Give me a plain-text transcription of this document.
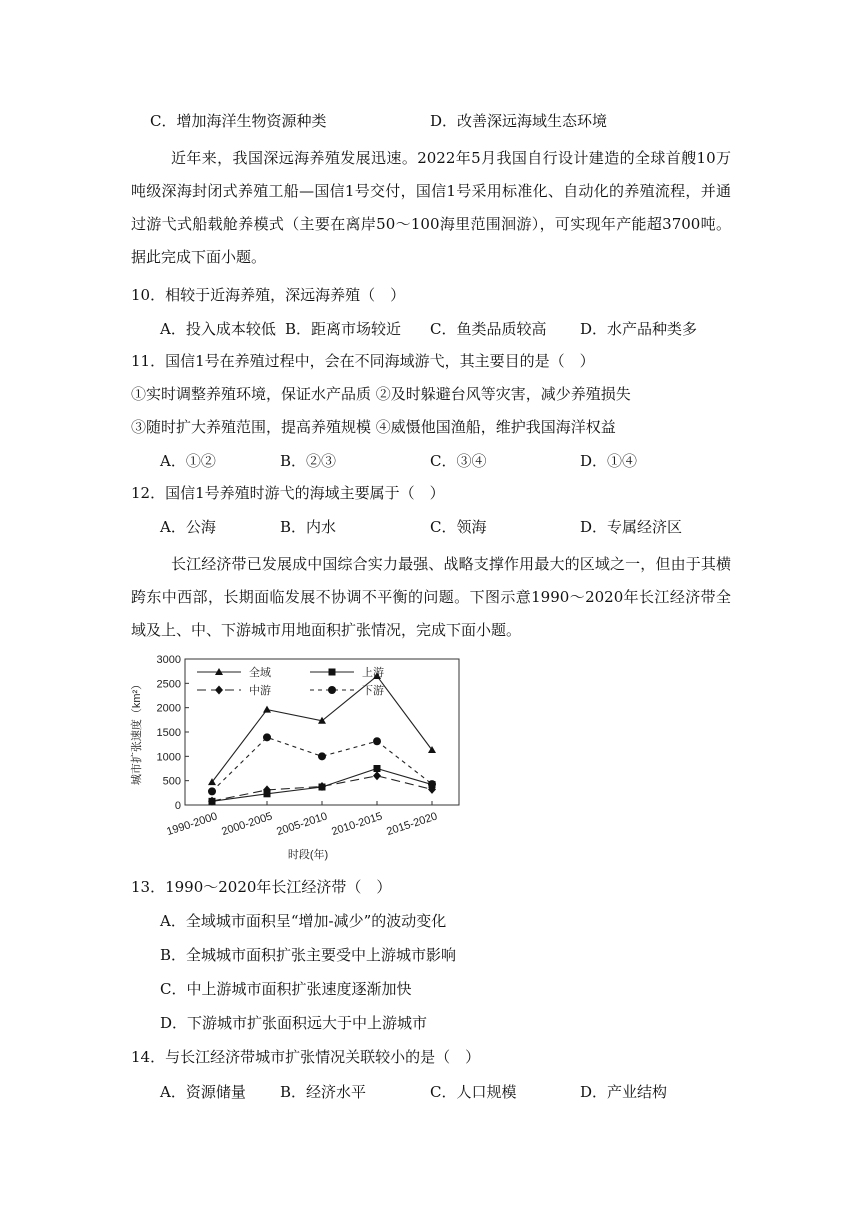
C．增加海洋生物资源种类	D．改善深远海域生态环境
近年来，我国深远海养殖发展迅速。2022年5月我国自行设计建造的全球首艘10万吨级深海封闭式养殖工船—国信1号交付，国信1号采用标准化、自动化的养殖流程，并通过游弋式船载舱养模式（主要在离岸50～100海里范围洄游），可实现年产能超3700吨。据此完成下面小题。
10．相较于近海养殖，深远海养殖（　）
A．投入成本较低 B．距离市场较近 C．鱼类品质较高 D．水产品种类多
11．国信1号在养殖过程中，会在不同海域游弋，其主要目的是（　）
①实时调整养殖环境，保证水产品质 ②及时躲避台风等灾害，减少养殖损失
③随时扩大养殖范围，提高养殖规模 ④威慑他国渔船，维护我国海洋权益
A．①②	B．②③	C．③④	D．①④
12．国信1号养殖时游弋的海域主要属于（　）
A．公海	B．内水	C．领海	D．专属经济区
长江经济带已发展成中国综合实力最强、战略支撑作用最大的区域之一，但由于其横跨东中西部，长期面临发展不协调不平衡的问题。下图示意1990～2020年长江经济带全域及上、中、下游城市用地面积扩张情况，完成下面小题。
0
500
1000
1500
2000
2500
3000
1990-2000 2000-2005 2005-2010 2010-2015 2015-2020
全域	上游
中游	下游
城市扩张速度（km²）
时段(年)
13．1990～2020年长江经济带（　）
A．全域城市面积呈“增加-减少”的波动变化
B．全城城市面积扩张主要受中上游城市影响
C．中上游城市面积扩张速度逐渐加快
D．下游城市扩张面积远大于中上游城市
14．与长江经济带城市扩张情况关联较小的是（　）
A．资源储量 B．经济水平	C．人口规模	D．产业结构
